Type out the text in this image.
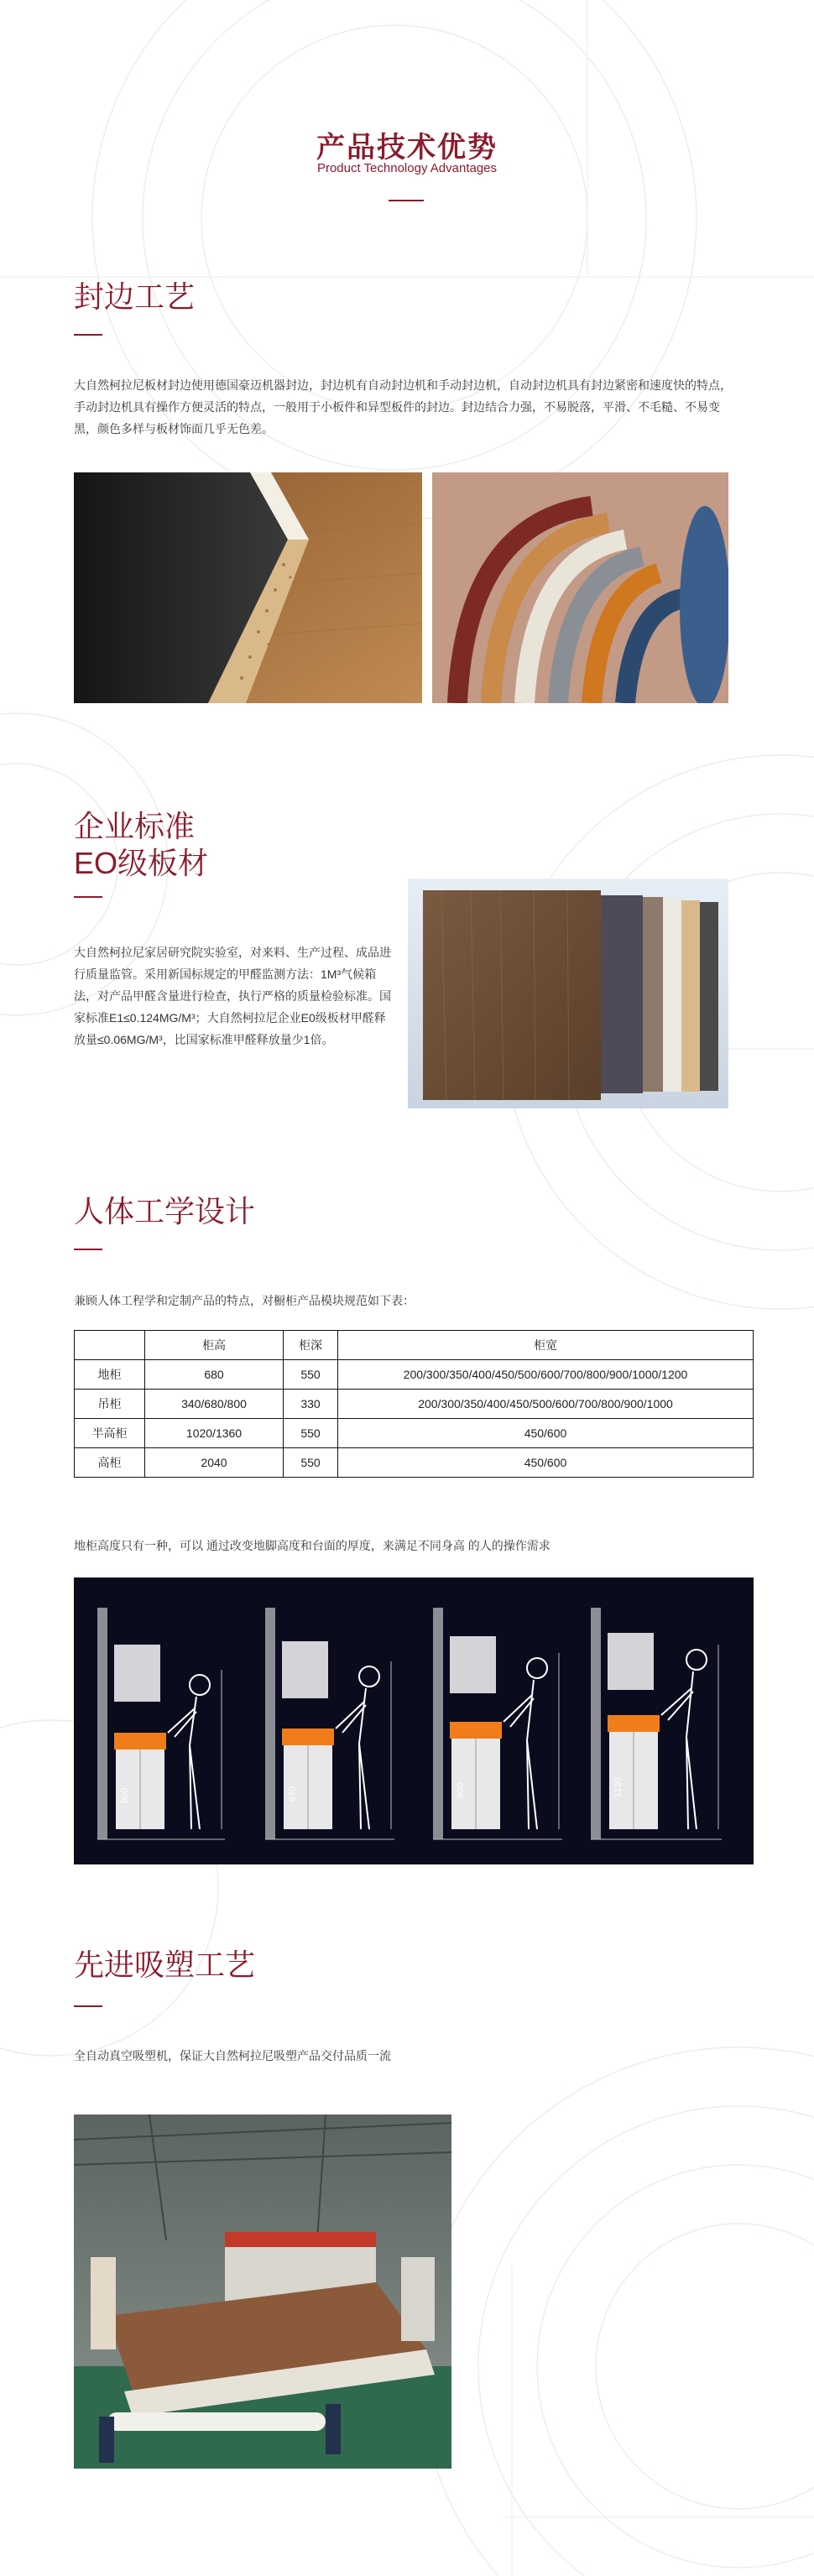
产品技术优势
Product Technology Advantages
封边工艺
大自然柯拉尼板材封边使用德国豪迈机器封边，封边机有自动封边机和手动封边机，自动封边机具有封边紧密和速度快的特点，手动封边机具有操作方便灵活的特点，一般用于小板件和异型板件的封边。封边结合力强，不易脱落，平滑、不毛糙、不易变黑，颜色多样与板材饰面几乎无色差。
企业标准
EO级板材
大自然柯拉尼家居研究院实验室，对来料、生产过程、成品进行质量监管。采用新国标规定的甲醛监测方法：1M³气候箱法，对产品甲醛含量进行检查，执行严格的质量检验标准。国家标准E1≤0.124MG/M³；大自然柯拉尼企业E0级板材甲醛释放量≤0.06MG/M³，比国家标准甲醛释放量少1倍。
人体工学设计
兼顾人体工程学和定制产品的特点，对橱柜产品模块规范如下表：
	柜高	柜深	柜宽
地柜	680	550	200/300/350/400/450/500/600/700/800/900/1000/1200
吊柜	340/680/800	330	200/300/350/400/450/500/600/700/800/900/1000
半高柜	1020/1360	550	450/600
高柜	2040	550	450/600
地柜高度只有一种，可以 通过改变地脚高度和台面的厚度，来满足不同身高 的人的操作需求
800	870	900	1130
先进吸塑工艺
全自动真空吸塑机，保证大自然柯拉尼吸塑产品交付品质一流
